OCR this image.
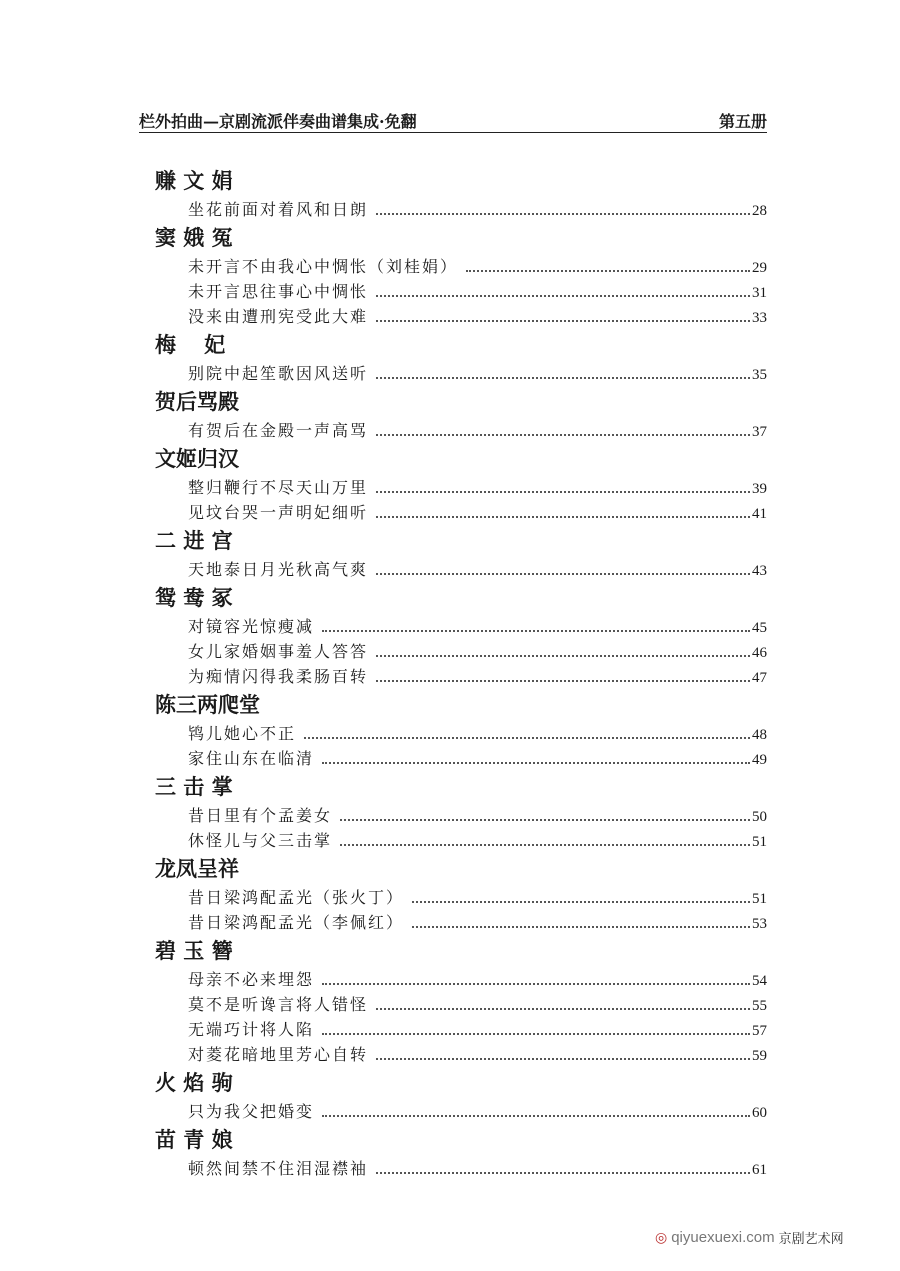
栏外拍曲—京剧流派伴奏曲谱集成·免翻	第五册
赚 文 娟
坐花前面对着风和日朗	28
窦 娥 冤
未开言不由我心中惆怅（刘桂娟）	29
未开言思往事心中惆怅	31
没来由遭刑宪受此大难	33
梅　 妃
别院中起笙歌因风送听	35
贺后骂殿
有贺后在金殿一声高骂	37
文姬归汉
整归鞭行不尽天山万里	39
见坟台哭一声明妃细听	41
二 进 宫
天地泰日月光秋高气爽	43
鸳 鸯 冢
对镜容光惊瘦减	45
女儿家婚姻事羞人答答	46
为痴情闪得我柔肠百转	47
陈三两爬堂
鸨儿她心不正	48
家住山东在临清	49
三 击 掌
昔日里有个孟姜女	50
休怪儿与父三击掌	51
龙凤呈祥
昔日梁鸿配孟光（张火丁）	51
昔日梁鸿配孟光（李佩红）	53
碧 玉 簪
母亲不必来埋怨	54
莫不是听谗言将人错怪	55
无端巧计将人陷	57
对菱花暗地里芳心自转	59
火 焰 驹
只为我父把婚变	60
苗 青 娘
顿然间禁不住泪湿襟袖	61
◎ qiyuexuexi.com 京剧艺术网
